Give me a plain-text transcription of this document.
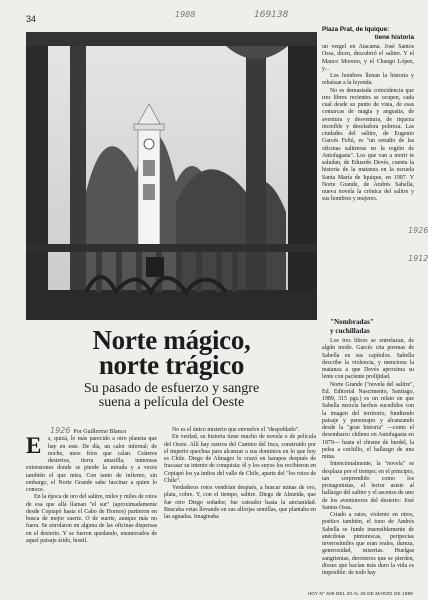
34	1988	169138
Plaza Prat, de Iquique:
tiene historia

un vergel en Atacama. José Santos Ossa, dicen, descubrió el salitre. Y el Manco Moreno, y el Chango López, y...

Los hombres llenan la historia y rebalsan a la leyenda.

No es demasiada coincidencia que tres libros recientes se ocupen, cada cual desde su punto de vista, de esas comarcas de magia y angustia, de aventura y desventura, de riqueza increíble y desoladora pobreza. Las ciudades del salitre, de Eugenio Garcés Feliú, es "un estudio de las oficinas salitreras en la región de Antofagasta". Los que van a morir te saludan, de Eduardo Devés, cuenta la historia de la matanza en la escuela Santa María de Iquique, en 1907. Y Norte Grande, de Andrés Sabella, nueva novela la crónica del salitre y sus hombres y mujeres.

1926
1912
"Nombradas"
y cuchilladas

Los tres libros se entrelazan, de algún modo. Garcés cita poemas de Sabella en sus capítulos. Sabella describe la violencia, y menciona la matanza a que Devés aproxima su lente con paciente prolijidad.

Norte Grande ("novela del salitre", Ed. Editorial Nascimento, Santiago, 1989, 315 pgs.) es un relato en que Sabella mezcla hechos sucedidos con la imagen del territorio, fundiendo paisaje y personajes y alcanzando desde la "gran historia" —como el desembarco chileno en Antofagasta en 1879— hasta el chisme de burdel, la pelea a cuchillo, el hallazgo de una mina.

Intencionalmente, la "novela" se desplaza por el tiempo; en el principio, tan sorprendido como los protagonistas, el lector asiste al hallazgo del salitre y el ascenso de uno de los aventureros del desierto: José Santos Ossa.

Criado a ratos, violento en otros, poético también, el tono de Andrés Sabella se funde insensiblemente de anécdotas pintorescas, peripecias inverosímiles que eran reales, dureza, generosidad, miserias. Huelgas sangrientas, derroteros que se pierden, dioses que hacían más duro la vida es imposible: de todo hay

Norte mágico,
norte trágico
Su pasado de esfuerzo y sangre
suena a película del Oeste
1926 Por Guillermo Blanco
E	s, quizá, lo más parecido a otro planeta que hay en este. De día, un calor infernal; de noche, unos fríos que calan. Cráteres desiertos, tierra amarilla, inmensas extensiones donde se pierde la mirada y a veces también el que mira. Con tanto de infierno, sin embargo, el Norte Grande sabe fascinar a quien lo conoce.

En la época de oro del salitre, miles y miles de rotos de esa que allá llaman "el sur" (aproximadamente desde Copiapó hasta el Cabo de Hornos) partieron en busca de mejor suerte. O de suerte, aunque más no fuera. Se enrolaron en alguna de las oficinas dispersas en el desierto. Y se fueron quedando, enamorados de aquel paisaje árido, hostil.

No es el único misterio que envuelve el "despoblado".

En verdad, su historia tiene mucho de novela o de película del Oeste. Allí hay rastros del Camino del Inca, construido por el imperio quechua para alcanzar a sus dominios en lo que hoy es Chile. Diego de Almagro lo cruzó en harapos después de fracasar su intento de conquista: él y los suyos los recibieron en Copiapó los ya indios del valle de Chile, aparte del "los rotos de Chile".

Verdaderos rotos vendrían después, a buscar minas de oro, plata, cobre. Y, con el tiempo, salitre. Diego de Almeida, que fue otro Diego soñador, fue cateador hasta la ancianidad. Buscaba vetas llevando en sus alforjas semillas, que plantaba en las aguadas. Imaginaba

HOY N° 609 DEL 20 AL 26 DE MARZO DE 1989
